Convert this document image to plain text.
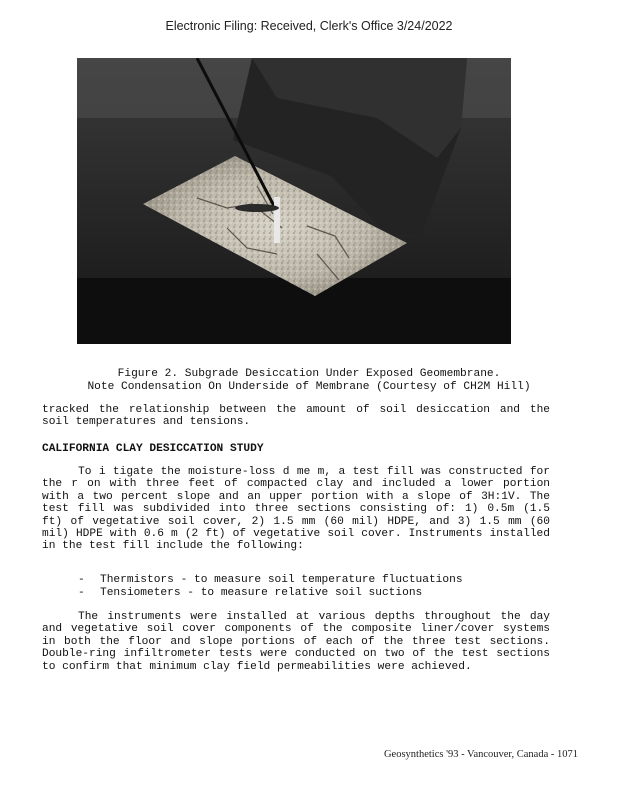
Electronic Filing: Received, Clerk's Office 3/24/2022
Figure 2. Subgrade Desiccation Under Exposed Geomembrane.
Note Condensation On Underside of Membrane (Courtesy of CH2M Hill)
tracked the relationship between the amount of soil desiccation and the soil temperatures and tensions.
CALIFORNIA CLAY DESICCATION STUDY
To i tigate the moisture-loss d me m, a test fill was constructed for the r on with three feet of compacted clay and included a lower portion with a two percent slope and an upper portion with a slope of 3H:1V. The test fill was subdivided into three sections consisting of: 1) 0.5m (1.5 ft) of vegetative soil cover, 2) 1.5 mm (60 mil) HDPE, and 3) 1.5 mm (60 mil) HDPE with 0.6 m (2 ft) of vegetative soil cover. Instruments installed in the test fill include the following:
- Thermistors - to measure soil temperature fluctuations
- Tensiometers - to measure relative soil suctions
The instruments were installed at various depths throughout the day and vegetative soil cover components of the composite liner/cover systems in both the floor and slope portions of each of the three test sections. Double-ring infiltrometer tests were conducted on two of the test sections to confirm that minimum clay field permeabilities were achieved.
Geosynthetics '93 - Vancouver, Canada - 1071
